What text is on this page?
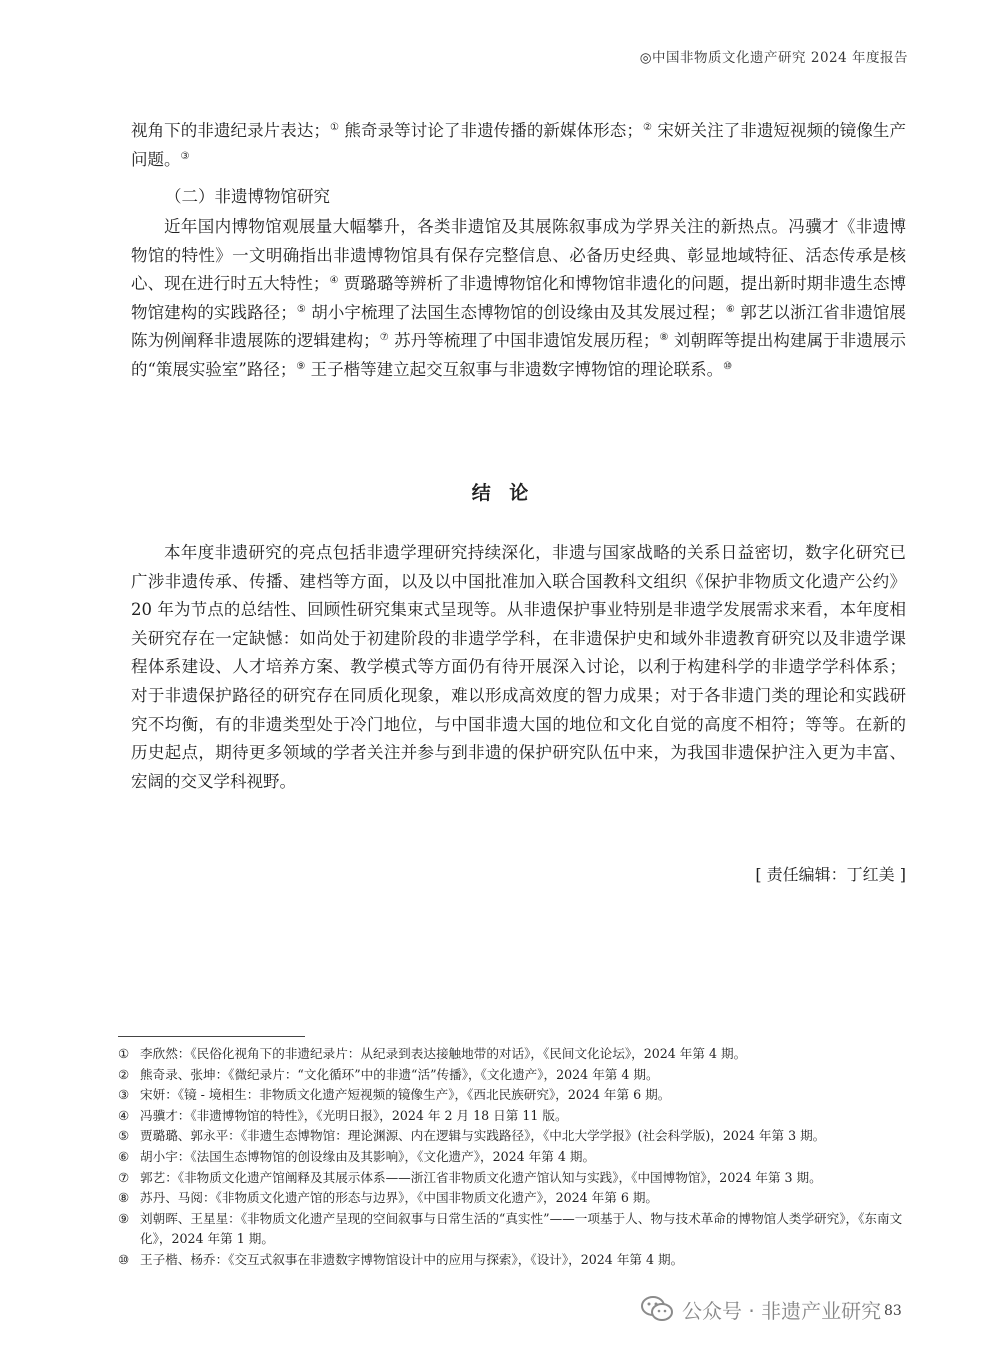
◎中国非物质文化遗产研究 2024 年度报告

视角下的非遗纪录片表达；① 熊奇录等讨论了非遗传播的新媒体形态；② 宋妍关注了非遗短视频的镜像生产问题。③

（二）非遗博物馆研究

近年国内博物馆观展量大幅攀升，各类非遗馆及其展陈叙事成为学界关注的新热点。冯骥才《非遗博物馆的特性》一文明确指出非遗博物馆具有保存完整信息、必备历史经典、彰显地域特征、活态传承是核心、现在进行时五大特性；④ 贾璐璐等辨析了非遗博物馆化和博物馆非遗化的问题，提出新时期非遗生态博物馆建构的实践路径；⑤ 胡小宇梳理了法国生态博物馆的创设缘由及其发展过程；⑥ 郭艺以浙江省非遗馆展陈为例阐释非遗展陈的逻辑建构；⑦ 苏丹等梳理了中国非遗馆发展历程；⑧ 刘朝晖等提出构建属于非遗展示的“策展实验室”路径；⑨ 王子楷等建立起交互叙事与非遗数字博物馆的理论联系。⑩

结 论

本年度非遗研究的亮点包括非遗学理研究持续深化，非遗与国家战略的关系日益密切，数字化研究已广涉非遗传承、传播、建档等方面，以及以中国批准加入联合国教科文组织《保护非物质文化遗产公约》20 年为节点的总结性、回顾性研究集束式呈现等。从非遗保护事业特别是非遗学发展需求来看，本年度相关研究存在一定缺憾：如尚处于初建阶段的非遗学学科，在非遗保护史和域外非遗教育研究以及非遗学课程体系建设、人才培养方案、教学模式等方面仍有待开展深入讨论，以利于构建科学的非遗学学科体系；对于非遗保护路径的研究存在同质化现象，难以形成高效度的智力成果；对于各非遗门类的理论和实践研究不均衡，有的非遗类型处于冷门地位，与中国非遗大国的地位和文化自觉的高度不相符；等等。在新的历史起点，期待更多领域的学者关注并参与到非遗的保护研究队伍中来，为我国非遗保护注入更为丰富、宏阔的交叉学科视野。

[ 责任编辑：丁红美 ]
① 李欣然：《民俗化视角下的非遗纪录片：从纪录到表达接触地带的对话》，《民间文化论坛》，2024 年第 4 期。
② 熊奇录、张坤：《微纪录片：“文化循环”中的非遗“活”传播》，《文化遗产》，2024 年第 4 期。
③ 宋妍：《镜 - 境相生：非物质文化遗产短视频的镜像生产》，《西北民族研究》，2024 年第 6 期。
④ 冯骥才：《非遗博物馆的特性》，《光明日报》，2024 年 2 月 18 日第 11 版。
⑤ 贾璐璐、郭永平：《非遗生态博物馆：理论渊源、内在逻辑与实践路径》，《中北大学学报》(社会科学版)，2024 年第 3 期。
⑥ 胡小宇：《法国生态博物馆的创设缘由及其影响》，《文化遗产》，2024 年第 4 期。
⑦ 郭艺：《非物质文化遗产馆阐释及其展示体系——浙江省非物质文化遗产馆认知与实践》，《中国博物馆》，2024 年第 3 期。
⑧ 苏丹、马阅：《非物质文化遗产馆的形态与边界》，《中国非物质文化遗产》，2024 年第 6 期。
⑨ 刘朝晖、王星星：《非物质文化遗产呈现的空间叙事与日常生活的“真实性”——一项基于人、物与技术革命的博物馆人类学研究》，《东南文化》，2024 年第 1 期。
⑩ 王子楷、杨乔：《交互式叙事在非遗数字博物馆设计中的应用与探索》，《设计》，2024 年第 4 期。
公众号 · 非遗产业研究 83
